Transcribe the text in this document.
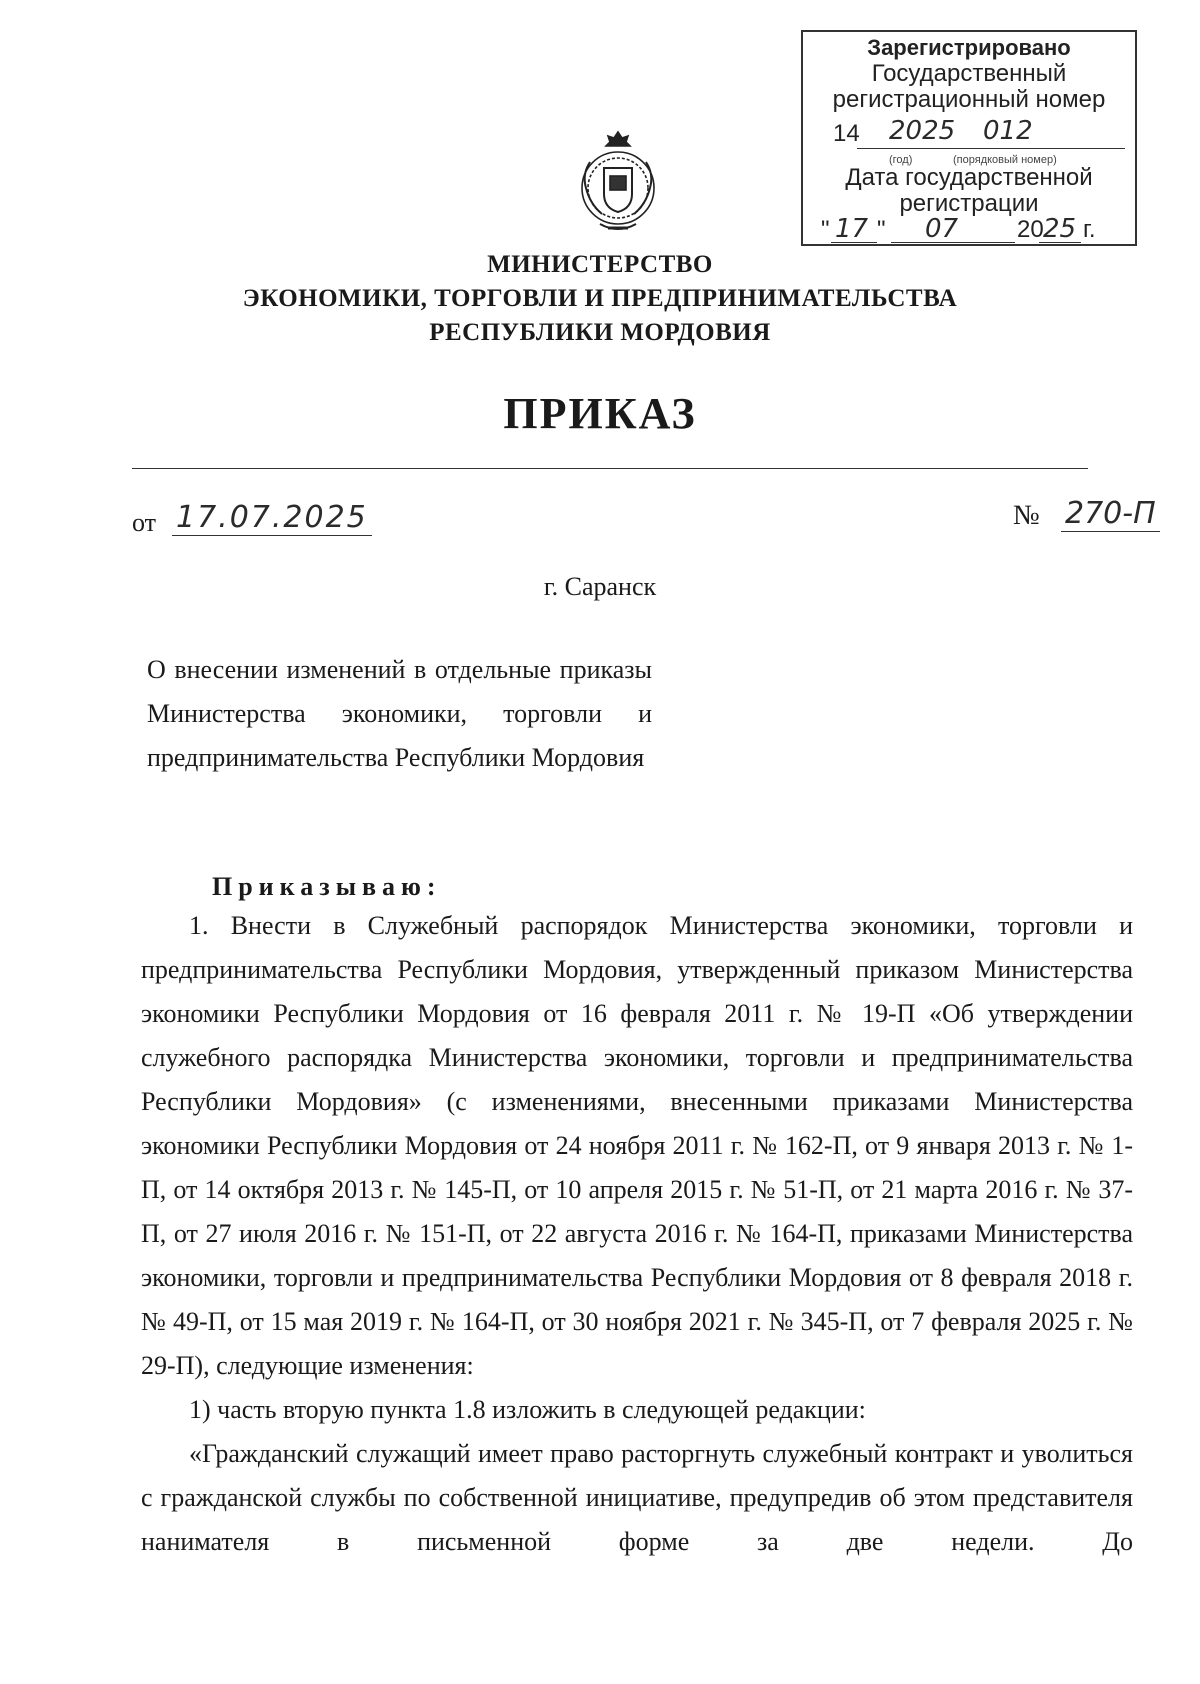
Зарегистрировано
Государственный
регистрационный номер
14 2025 012
(год)	(порядковый номер)
Дата государственной
регистрации
" 17 " 07 20 25 г.
МИНИСТЕРСТВО
ЭКОНОМИКИ, ТОРГОВЛИ И ПРЕДПРИНИМАТЕЛЬСТВА
РЕСПУБЛИКИ МОРДОВИЯ
ПРИКАЗ
от 17.07.2025	№ 270-П
г. Саранск
О внесении изменений в отдельные приказы Министерства экономики, торговли и предпринимательства Республики Мордовия
Приказываю:

1. Внести в Служебный распорядок Министерства экономики, торговли и предпринимательства Республики Мордовия, утвержденный приказом Министерства экономики Республики Мордовия от 16 февраля 2011 г. № 19-П «Об утверждении служебного распорядка Министерства экономики, торговли и предпринимательства Республики Мордовия» (с изменениями, внесенными приказами Министерства экономики Республики Мордовия от 24 ноября 2011 г. № 162-П, от 9 января 2013 г. № 1-П, от 14 октября 2013 г. № 145-П, от 10 апреля 2015 г. № 51-П, от 21 марта 2016 г. № 37-П, от 27 июля 2016 г. № 151-П, от 22 августа 2016 г. № 164-П, приказами Министерства экономики, торговли и предпринимательства Республики Мордовия от 8 февраля 2018 г. № 49-П, от 15 мая 2019 г. № 164-П, от 30 ноября 2021 г. № 345-П, от 7 февраля 2025 г. № 29-П), следующие изменения:

1) часть вторую пункта 1.8 изложить в следующей редакции:

«Гражданский служащий имеет право расторгнуть служебный контракт и уволиться с гражданской службы по собственной инициативе, предупредив об этом представителя нанимателя в письменной форме за две недели. До
